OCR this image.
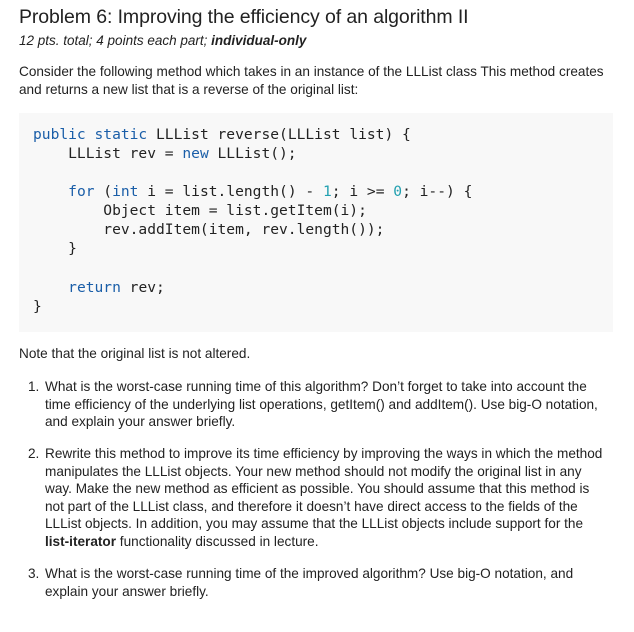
Problem 6: Improving the efficiency of an algorithm II
12 pts. total; 4 points each part; individual-only
Consider the following method which takes in an instance of the LLList class This method creates and returns a new list that is a reverse of the original list:
public static LLList reverse(LLList list) {
LLList rev = new LLList();
for (int i = list.length() - 1; i >= 0; i--) {
Object item = list.getItem(i);
rev.addItem(item, rev.length());
}
return rev;
}
Note that the original list is not altered.
1. What is the worst-case running time of this algorithm? Don’t forget to take into account the time efficiency of the underlying list operations, getItem() and addItem(). Use big-O notation, and explain your answer briefly.
2. Rewrite this method to improve its time efficiency by improving the ways in which the method manipulates the LLList objects. Your new method should not modify the original list in any way. Make the new method as efficient as possible. You should assume that this method is not part of the LLList class, and therefore it doesn’t have direct access to the fields of the LLList objects. In addition, you may assume that the LLList objects include support for the list-iterator functionality discussed in lecture.
3. What is the worst-case running time of the improved algorithm? Use big-O notation, and explain your answer briefly.
